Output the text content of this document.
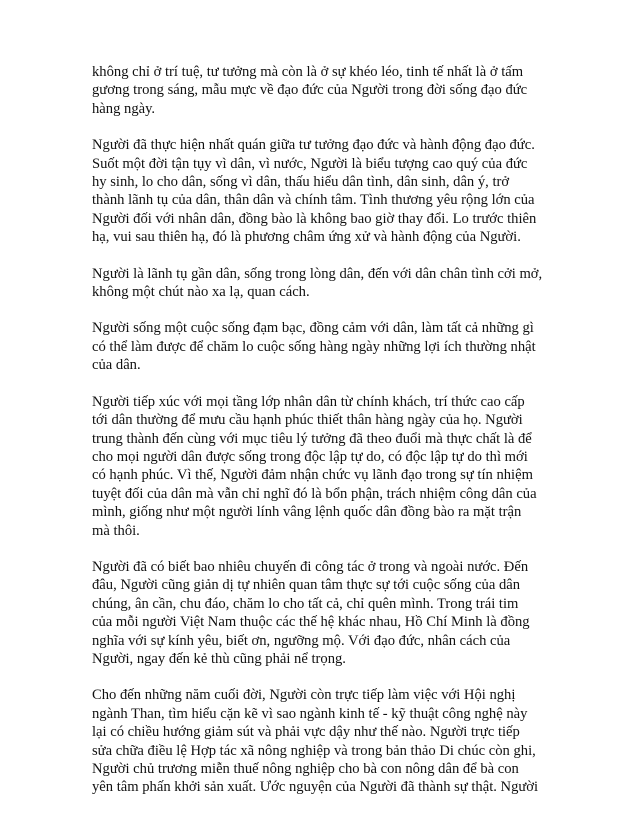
không chỉ ở trí tuệ, tư tưởng mà còn là ở sự khéo léo, tinh tế nhất là ở tấm
gương trong sáng, mẫu mực về đạo đức của Người trong đời sống đạo đức
hàng ngày.

Người đã thực hiện nhất quán giữa tư tưởng đạo đức và hành động đạo đức.
Suốt một đời tận tụy vì dân, vì nước, Người là biểu tượng cao quý của đức
hy sinh, lo cho dân, sống vì dân, thấu hiểu dân tình, dân sinh, dân ý, trở
thành lãnh tụ của dân, thân dân và chính tâm. Tình thương yêu rộng lớn của
Người đối với nhân dân, đồng bào là không bao giờ thay đổi. Lo trước thiên
hạ, vui sau thiên hạ, đó là phương châm ứng xử và hành động của Người.

Người là lãnh tụ gần dân, sống trong lòng dân, đến với dân chân tình cởi mở,
không một chút nào xa lạ, quan cách.

Người sống một cuộc sống đạm bạc, đồng cảm với dân, làm tất cả những gì
có thể làm được để chăm lo cuộc sống hàng ngày những lợi ích thường nhật
của dân.

Người tiếp xúc với mọi tầng lớp nhân dân từ chính khách, trí thức cao cấp
tới dân thường để mưu cầu hạnh phúc thiết thân hàng ngày của họ. Người
trung thành đến cùng với mục tiêu lý tưởng đã theo đuổi mà thực chất là để
cho mọi người dân được sống trong độc lập tự do, có độc lập tự do thì mới
có hạnh phúc. Vì thế, Người đảm nhận chức vụ lãnh đạo trong sự tín nhiệm
tuyệt đối của dân mà vẫn chỉ nghĩ đó là bổn phận, trách nhiệm công dân của
mình, giống như một người lính vâng lệnh quốc dân đồng bào ra mặt trận
mà thôi.

Người đã có biết bao nhiêu chuyến đi công tác ở trong và ngoài nước. Đến
đâu, Người cũng giản dị tự nhiên quan tâm thực sự tới cuộc sống của dân
chúng, ân cần, chu đáo, chăm lo cho tất cả, chỉ quên mình. Trong trái tim
của mỗi người Việt Nam thuộc các thế hệ khác nhau, Hồ Chí Minh là đồng
nghĩa với sự kính yêu, biết ơn, ngưỡng mộ. Với đạo đức, nhân cách của
Người, ngay đến kẻ thù cũng phải nể trọng.

Cho đến những năm cuối đời, Người còn trực tiếp làm việc với Hội nghị
ngành Than, tìm hiểu cặn kẽ vì sao ngành kinh tế - kỹ thuật công nghệ này
lại có chiều hướng giảm sút và phải vực dậy như thế nào. Người trực tiếp
sửa chữa điều lệ Hợp tác xã nông nghiệp và trong bản thảo Di chúc còn ghi,
Người chủ trương miễn thuế nông nghiệp cho bà con nông dân để bà con
yên tâm phấn khởi sản xuất. Ước nguyện của Người đã thành sự thật. Người
